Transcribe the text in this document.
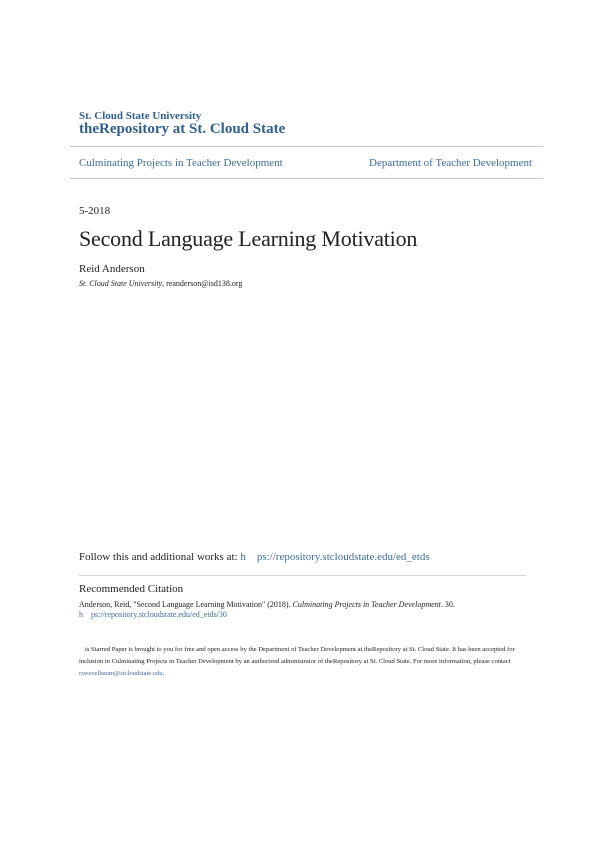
St. Cloud State University
theRepository at St. Cloud State
Culminating Projects in Teacher Development	Department of Teacher Development
5-2018
Second Language Learning Motivation
Reid Anderson
St. Cloud State University, reanderson@isd138.org
Follow this and additional works at: h    ps://repository.stcloudstate.edu/ed_etds
Recommended Citation
Anderson, Reid, "Second Language Learning Motivation" (2018). Culminating Projects in Teacher Development. 30.
h    ps://repository.stcloudstate.edu/ed_etds/30
is Starred Paper is brought to you for free and open access by the Department of Teacher Development at theRepository at St. Cloud State. It has been accepted for inclusion in Culminating Projects in Teacher Development by an authorized administrator of theRepository at St. Cloud State. For more information, please contact rswexelbaum@stcloudstate.edu.
